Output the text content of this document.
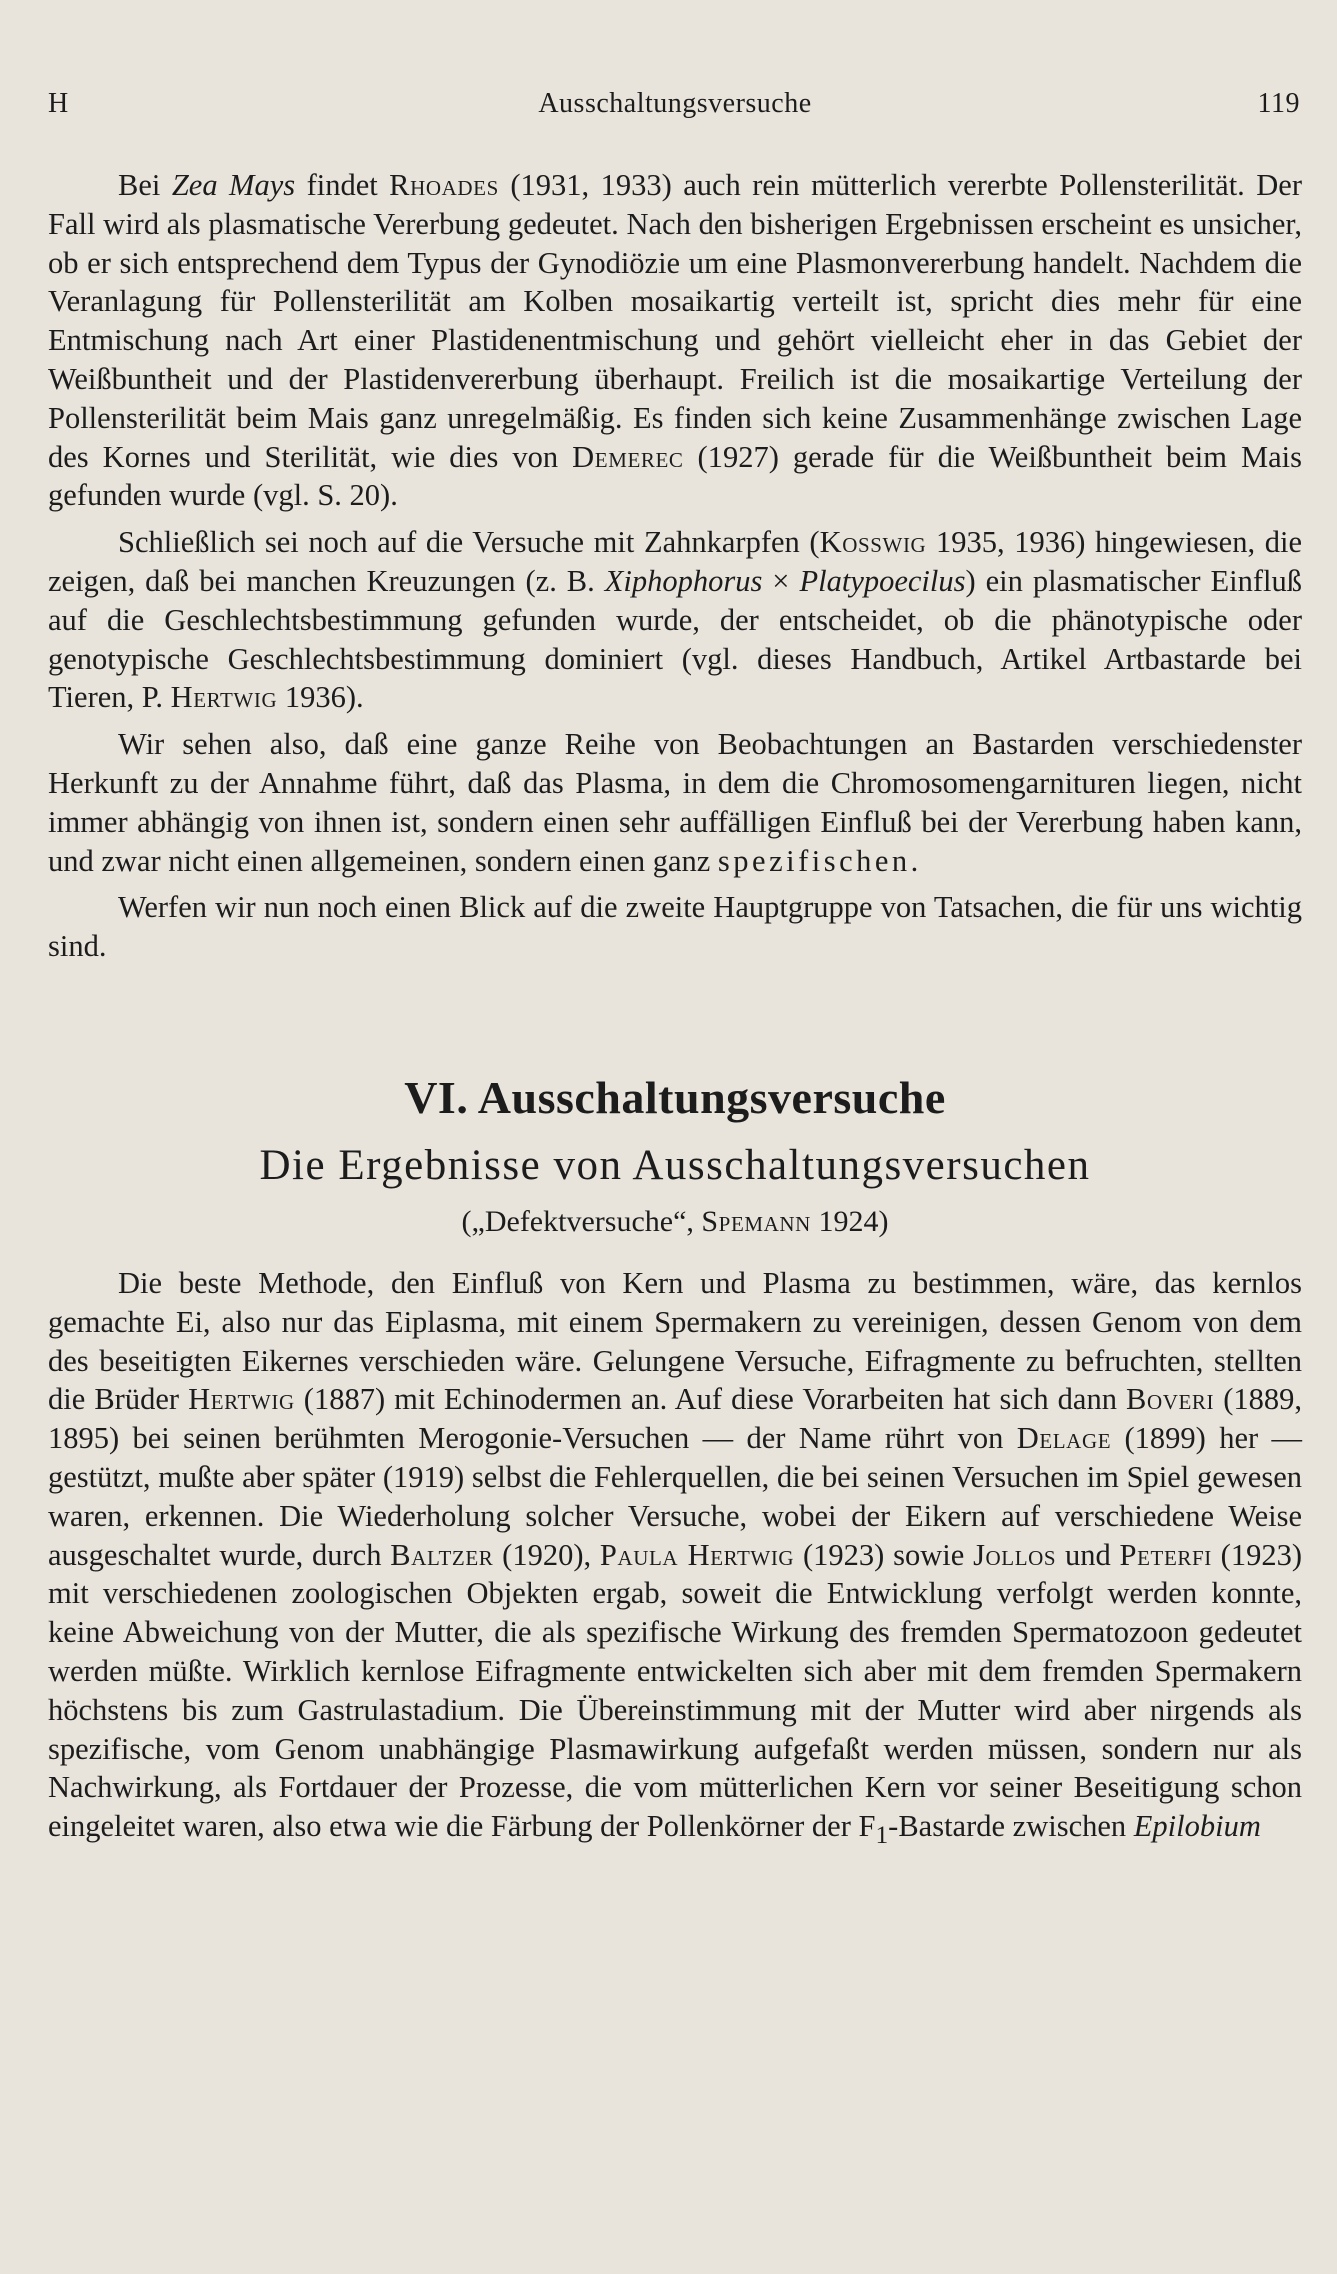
H	Ausschaltungsversuche	119

Bei Zea Mays findet Rhoades (1931, 1933) auch rein mütterlich vererbte Pollensterilität. Der Fall wird als plasmatische Vererbung gedeutet. Nach den bisherigen Ergebnissen erscheint es unsicher, ob er sich entsprechend dem Typus der Gynodiözie um eine Plasmonvererbung handelt. Nachdem die Veranlagung für Pollensterilität am Kolben mosaikartig verteilt ist, spricht dies mehr für eine Entmischung nach Art einer Plastidenentmischung und gehört vielleicht eher in das Gebiet der Weißbuntheit und der Plastidenvererbung überhaupt. Freilich ist die mosaikartige Verteilung der Pollensterilität beim Mais ganz unregelmäßig. Es finden sich keine Zusammenhänge zwischen Lage des Kornes und Sterilität, wie dies von Demerec (1927) gerade für die Weißbuntheit beim Mais gefunden wurde (vgl. S. 20).

Schließlich sei noch auf die Versuche mit Zahnkarpfen (Kosswig 1935, 1936) hingewiesen, die zeigen, daß bei manchen Kreuzungen (z. B. Xiphophorus × Platypoecilus) ein plasmatischer Einfluß auf die Geschlechtsbestimmung gefunden wurde, der entscheidet, ob die phänotypische oder genotypische Geschlechtsbestimmung dominiert (vgl. dieses Handbuch, Artikel Artbastarde bei Tieren, P. Hertwig 1936).

Wir sehen also, daß eine ganze Reihe von Beobachtungen an Bastarden verschiedenster Herkunft zu der Annahme führt, daß das Plasma, in dem die Chromosomengarnituren liegen, nicht immer abhängig von ihnen ist, sondern einen sehr auffälligen Einfluß bei der Vererbung haben kann, und zwar nicht einen allgemeinen, sondern einen ganz spezifischen.

Werfen wir nun noch einen Blick auf die zweite Hauptgruppe von Tatsachen, die für uns wichtig sind.

VI. Ausschaltungsversuche
Die Ergebnisse von Ausschaltungsversuchen
(„Defektversuche“, Spemann 1924)

Die beste Methode, den Einfluß von Kern und Plasma zu bestimmen, wäre, das kernlos gemachte Ei, also nur das Eiplasma, mit einem Spermakern zu vereinigen, dessen Genom von dem des beseitigten Eikernes verschieden wäre. Gelungene Versuche, Eifragmente zu befruchten, stellten die Brüder Hertwig (1887) mit Echinodermen an. Auf diese Vorarbeiten hat sich dann Boveri (1889, 1895) bei seinen berühmten Merogonie-Versuchen — der Name rührt von Delage (1899) her — gestützt, mußte aber später (1919) selbst die Fehlerquellen, die bei seinen Versuchen im Spiel gewesen waren, erkennen. Die Wiederholung solcher Versuche, wobei der Eikern auf verschiedene Weise ausgeschaltet wurde, durch Baltzer (1920), Paula Hertwig (1923) sowie Jollos und Peterfi (1923) mit verschiedenen zoologischen Objekten ergab, soweit die Entwicklung verfolgt werden konnte, keine Abweichung von der Mutter, die als spezifische Wirkung des fremden Spermatozoon gedeutet werden müßte. Wirklich kernlose Eifragmente entwickelten sich aber mit dem fremden Spermakern höchstens bis zum Gastrulastadium. Die Übereinstimmung mit der Mutter wird aber nirgends als spezifische, vom Genom unabhängige Plasmawirkung aufgefaßt werden müssen, sondern nur als Nachwirkung, als Fortdauer der Prozesse, die vom mütterlichen Kern vor seiner Beseitigung schon eingeleitet waren, also etwa wie die Färbung der Pollenkörner der $F_1$-Bastarde zwischen Epilobium
